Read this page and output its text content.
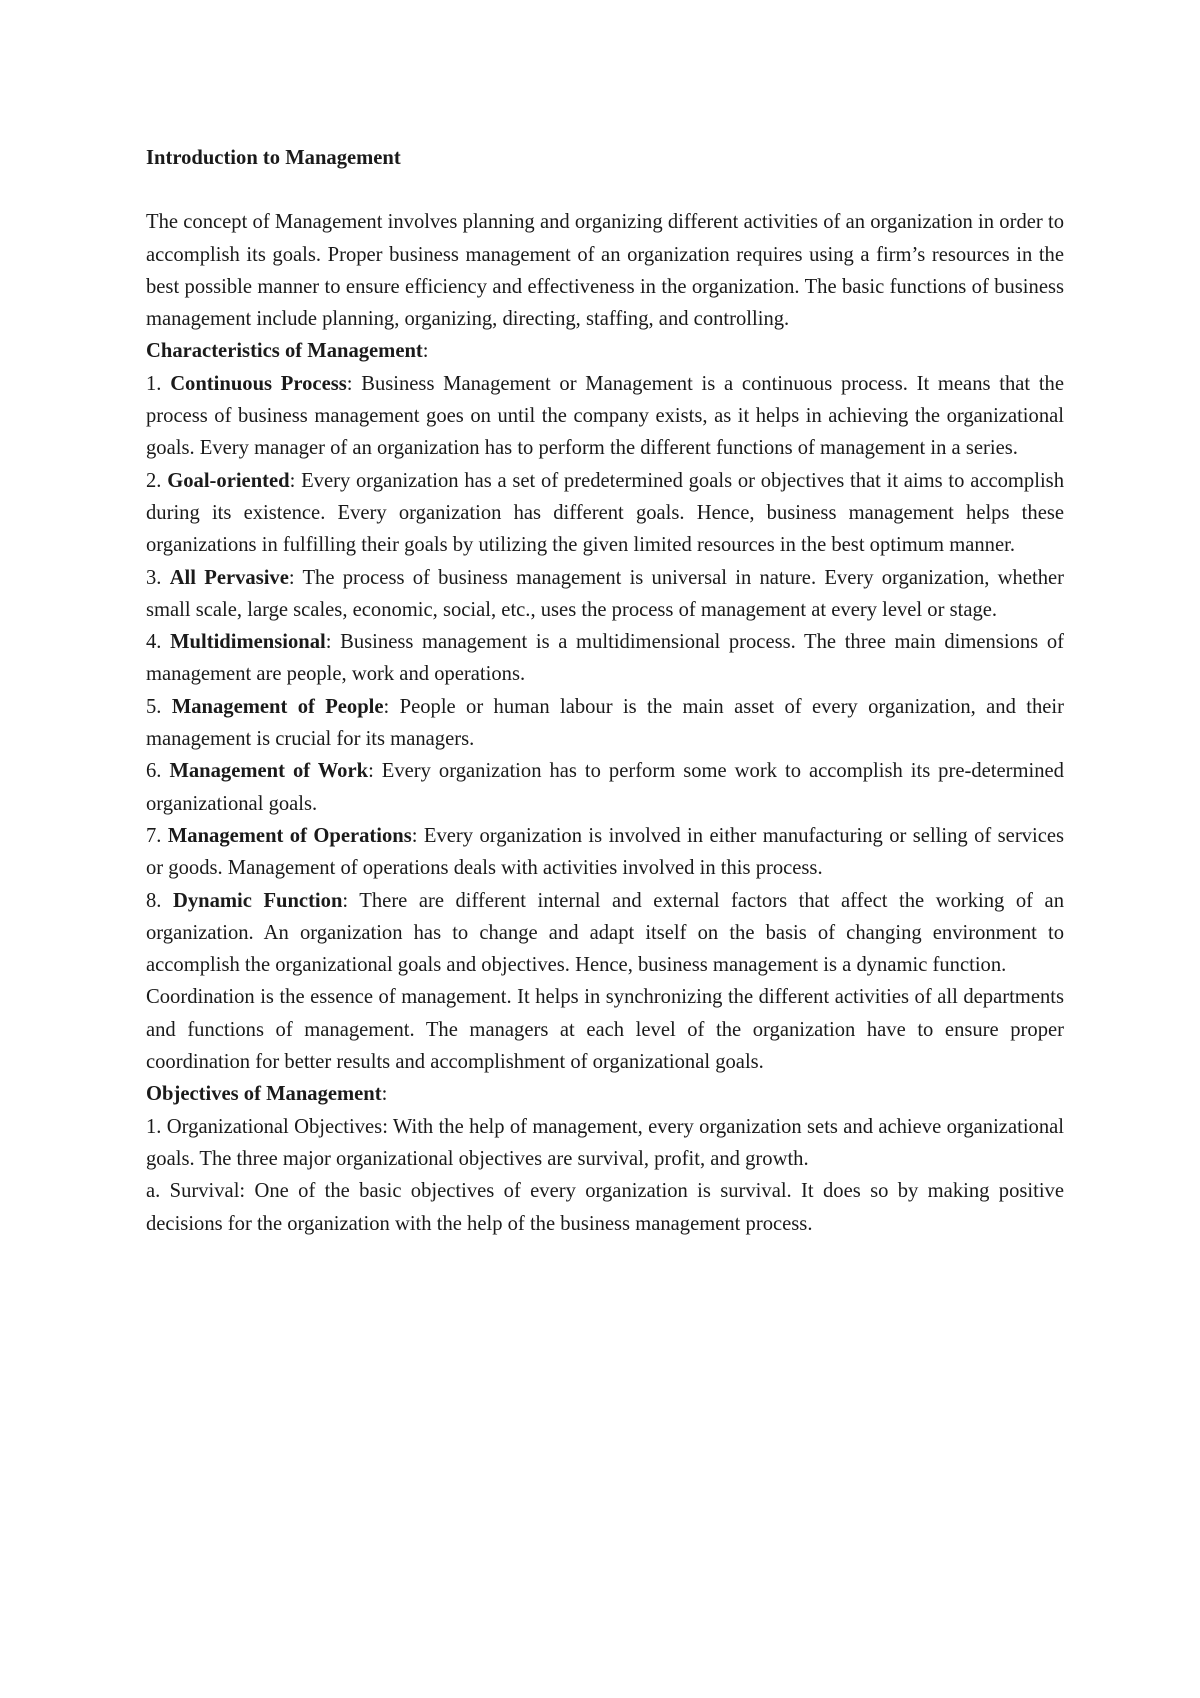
Introduction to Management

The concept of Management involves planning and organizing different activities of an organization in order to accomplish its goals. Proper business management of an organization requires using a firm’s resources in the best possible manner to ensure efficiency and effectiveness in the organization. The basic functions of business management include planning, organizing, directing, staffing, and controlling.

Characteristics of Management:

1. Continuous Process: Business Management or Management is a continuous process. It means that the process of business management goes on until the company exists, as it helps in achieving the organizational goals. Every manager of an organization has to perform the different functions of management in a series.

2. Goal-oriented: Every organization has a set of predetermined goals or objectives that it aims to accomplish during its existence. Every organization has different goals. Hence, business management helps these organizations in fulfilling their goals by utilizing the given limited resources in the best optimum manner.

3. All Pervasive: The process of business management is universal in nature. Every organization, whether small scale, large scales, economic, social, etc., uses the process of management at every level or stage.

4. Multidimensional: Business management is a multidimensional process. The three main dimensions of management are people, work and operations.

5. Management of People: People or human labour is the main asset of every organization, and their management is crucial for its managers.

6. Management of Work: Every organization has to perform some work to accomplish its pre-determined organizational goals.

7. Management of Operations: Every organization is involved in either manufacturing or selling of services or goods. Management of operations deals with activities involved in this process.

8. Dynamic Function: There are different internal and external factors that affect the working of an organization. An organization has to change and adapt itself on the basis of changing environment to accomplish the organizational goals and objectives. Hence, business management is a dynamic function.

Coordination is the essence of management. It helps in synchronizing the different activities of all departments and functions of management. The managers at each level of the organization have to ensure proper coordination for better results and accomplishment of organizational goals.

Objectives of Management:

1. Organizational Objectives: With the help of management, every organization sets and achieve organizational goals. The three major organizational objectives are survival, profit, and growth.

a. Survival: One of the basic objectives of every organization is survival. It does so by making positive decisions for the organization with the help of the business management process.
